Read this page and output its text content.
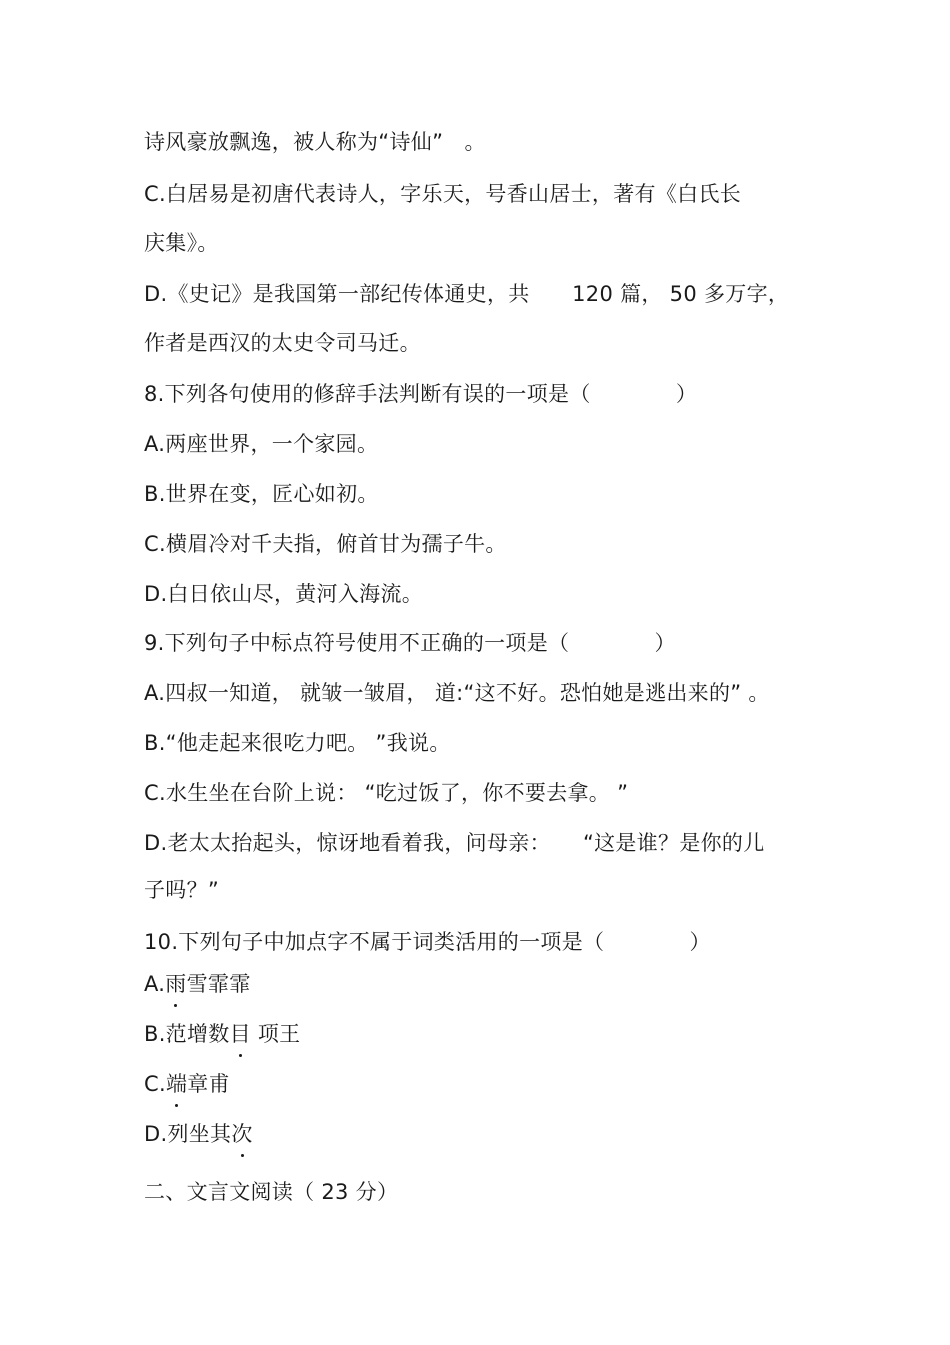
诗风豪放飘逸，被人称为“诗仙”　。
C.白居易是初唐代表诗人，字乐天，号香山居士，著有《白氏长
庆集》。
D.《史记》是我国第一部纪传体通史，共　　120 篇， 50 多万字，
作者是西汉的太史令司马迁。
8.下列各句使用的修辞手法判断有误的一项是（　　　　）
A.两座世界，一个家园。
B.世界在变，匠心如初。
C.横眉冷对千夫指，俯首甘为孺子牛。
D.白日依山尽，黄河入海流。
9.下列句子中标点符号使用不正确的一项是（　　　　）
A.四叔一知道， 就皱一皱眉， 道:“这不好。恐怕她是逃出来的” 。
B.“他走起来很吃力吧。 ”我说。
C.水生坐在台阶上说： “吃过饭了，你不要去拿。 ”
D.老太太抬起头，惊讶地看着我，问母亲：　　“这是谁？是你的儿
子吗？”
10.下列句子中加点字不属于词类活用的一项是（　　　　）
A.雨雪霏霏
B.范增数目 项王
C.端章甫
D.列坐其次
二、文言文阅读（ 23 分）
